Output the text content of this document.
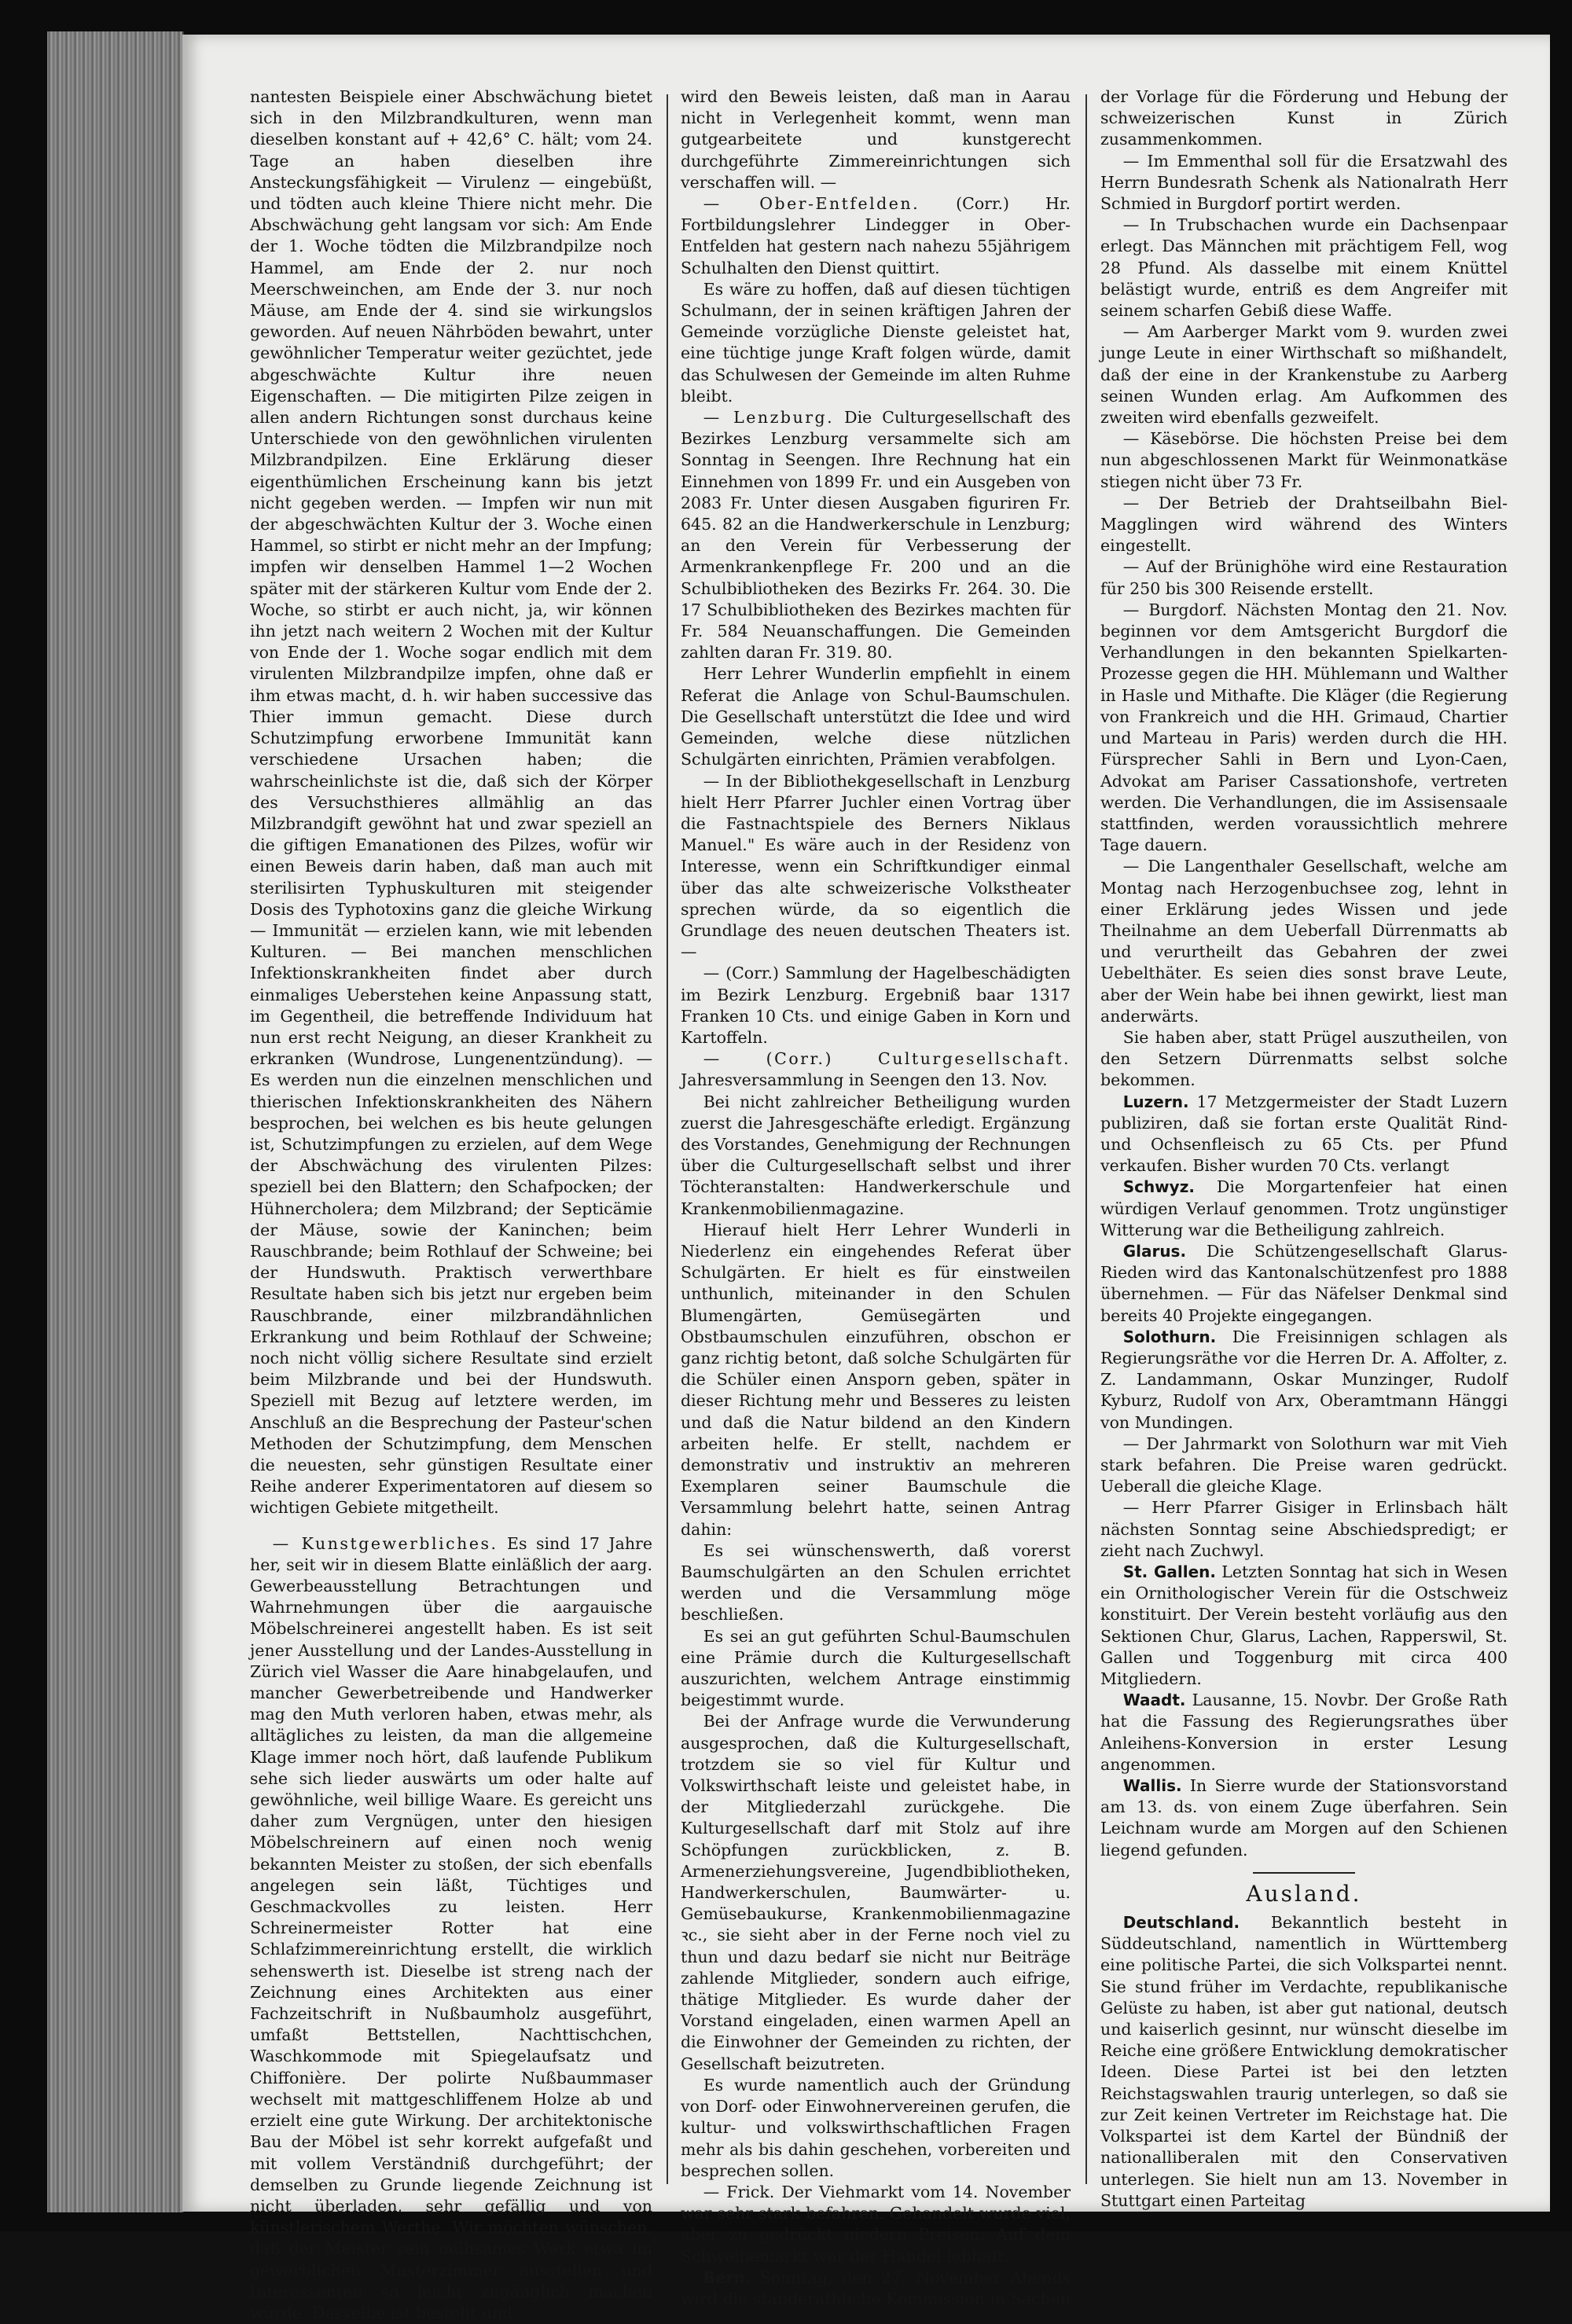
nantesten Beispiele einer Abschwächung bietet sich in den Milzbrandkulturen, wenn man dieselben konstant auf + 42,6° C. hält; vom 24. Tage an haben dieselben ihre Ansteckungsfähigkeit — Virulenz — eingebüßt, und tödten auch kleine Thiere nicht mehr. Die Abschwächung geht langsam vor sich: Am Ende der 1. Woche tödten die Milzbrandpilze noch Hammel, am Ende der 2. nur noch Meerschweinchen, am Ende der 3. nur noch Mäuse, am Ende der 4. sind sie wirkungslos geworden. Auf neuen Nährböden bewahrt, unter gewöhnlicher Temperatur weiter gezüchtet, jede abgeschwächte Kultur ihre neuen Eigenschaften. — Die mitigirten Pilze zeigen in allen andern Richtungen sonst durchaus keine Unterschiede von den gewöhnlichen virulenten Milzbrandpilzen. Eine Erklärung dieser eigenthümlichen Erscheinung kann bis jetzt nicht gegeben werden. — Impfen wir nun mit der abgeschwächten Kultur der 3. Woche einen Hammel, so stirbt er nicht mehr an der Impfung; impfen wir denselben Hammel 1—2 Wochen später mit der stärkeren Kultur vom Ende der 2. Woche, so stirbt er auch nicht, ja, wir können ihn jetzt nach weitern 2 Wochen mit der Kultur von Ende der 1. Woche sogar endlich mit dem virulenten Milzbrandpilze impfen, ohne daß er ihm etwas macht, d. h. wir haben successive das Thier immun gemacht. Diese durch Schutzimpfung erworbene Immunität kann verschiedene Ursachen haben; die wahrscheinlichste ist die, daß sich der Körper des Versuchsthieres allmählig an das Milzbrandgift gewöhnt hat und zwar speziell an die giftigen Emanationen des Pilzes, wofür wir einen Beweis darin haben, daß man auch mit sterilisirten Typhuskulturen mit steigender Dosis des Typhotoxins ganz die gleiche Wirkung — Immunität — erzielen kann, wie mit lebenden Kulturen. — Bei manchen menschlichen Infektionskrankheiten findet aber durch einmaliges Ueberstehen keine Anpassung statt, im Gegentheil, die betreffende Individuum hat nun erst recht Neigung, an dieser Krankheit zu erkranken (Wundrose, Lungenentzündung). — Es werden nun die einzelnen menschlichen und thierischen Infektionskrankheiten des Nähern besprochen, bei welchen es bis heute gelungen ist, Schutzimpfungen zu erzielen, auf dem Wege der Abschwächung des virulenten Pilzes: speziell bei den Blattern; den Schafpocken; der Hühnercholera; dem Milzbrand; der Septicämie der Mäuse, sowie der Kaninchen; beim Rauschbrande; beim Rothlauf der Schweine; bei der Hundswuth. Praktisch verwerthbare Resultate haben sich bis jetzt nur ergeben beim Rauschbrande, einer milzbrandähnlichen Erkrankung und beim Rothlauf der Schweine; noch nicht völlig sichere Resultate sind erzielt beim Milzbrande und bei der Hundswuth. Speziell mit Bezug auf letztere werden, im Anschluß an die Besprechung der Pasteur'schen Methoden der Schutzimpfung, dem Menschen die neuesten, sehr günstigen Resultate einer Reihe anderer Experimentatoren auf diesem so wichtigen Gebiete mitgetheilt.

— Kunstgewerbliches. Es sind 17 Jahre her, seit wir in diesem Blatte einläßlich der aarg. Gewerbeausstellung Betrachtungen und Wahrnehmungen über die aargauische Möbelschreinerei angestellt haben. Es ist seit jener Ausstellung und der Landes-Ausstellung in Zürich viel Wasser die Aare hinabgelaufen, und mancher Gewerbetreibende und Handwerker mag den Muth verloren haben, etwas mehr, als alltägliches zu leisten, da man die allgemeine Klage immer noch hört, daß laufende Publikum sehe sich lieder auswärts um oder halte auf gewöhnliche, weil billige Waare. Es gereicht uns daher zum Vergnügen, unter den hiesigen Möbelschreinern auf einen noch wenig bekannten Meister zu stoßen, der sich ebenfalls angelegen sein läßt, Tüchtiges und Geschmackvolles zu leisten. Herr Schreinermeister Rotter hat eine Schlafzimmereinrichtung erstellt, die wirklich sehenswerth ist. Dieselbe ist streng nach der Zeichnung eines Architekten aus einer Fachzeitschrift in Nußbaumholz ausgeführt, umfaßt Bettstellen, Nachttischchen, Waschkommode mit Spiegelaufsatz und Chiffonière. Der polirte Nußbaummaser wechselt mit mattgeschliffenem Holze ab und erzielt eine gute Wirkung. Der architektonische Bau der Möbel ist sehr korrekt aufgefaßt und mit vollem Verständniß durchgeführt; der demselben zu Grunde liegende Zeichnung ist nicht überladen, sehr gefällig und von künstlerischem Werthe. Wir möchten wünschen, daß der Meister sein mühsames Werk etwa im gewerblichen Musterzimmer ausstellen und Interessenten so leicht zugänglich machen würde. Dasselbe ist bestellt und

wird den Beweis leisten, daß man in Aarau nicht in Verlegenheit kommt, wenn man gutgearbeitete und kunstgerecht durchgeführte Zimmereinrichtungen sich verschaffen will. —

— Ober-Entfelden. (Corr.) Hr. Fortbildungslehrer Lindegger in Ober-Entfelden hat gestern nach nahezu 55jährigem Schulhalten den Dienst quittirt.

Es wäre zu hoffen, daß auf diesen tüchtigen Schulmann, der in seinen kräftigen Jahren der Gemeinde vorzügliche Dienste geleistet hat, eine tüchtige junge Kraft folgen würde, damit das Schulwesen der Gemeinde im alten Ruhme bleibt.

— Lenzburg. Die Culturgesellschaft des Bezirkes Lenzburg versammelte sich am Sonntag in Seengen. Ihre Rechnung hat ein Einnehmen von 1899 Fr. und ein Ausgeben von 2083 Fr. Unter diesen Ausgaben figuriren Fr. 645. 82 an die Handwerkerschule in Lenzburg; an den Verein für Verbesserung der Armenkrankenpflege Fr. 200 und an die Schulbibliotheken des Bezirks Fr. 264. 30. Die 17 Schulbibliotheken des Bezirkes machten für Fr. 584 Neuanschaffungen. Die Gemeinden zahlten daran Fr. 319. 80.

Herr Lehrer Wunderlin empfiehlt in einem Referat die Anlage von Schul-Baumschulen. Die Gesellschaft unterstützt die Idee und wird Gemeinden, welche diese nützlichen Schulgärten einrichten, Prämien verabfolgen.

— In der Bibliothekgesellschaft in Lenzburg hielt Herr Pfarrer Juchler einen Vortrag über die Fastnachtspiele des Berners Niklaus Manuel." Es wäre auch in der Residenz von Interesse, wenn ein Schriftkundiger einmal über das alte schweizerische Volkstheater sprechen würde, da so eigentlich die Grundlage des neuen deutschen Theaters ist. —

— (Corr.) Sammlung der Hagelbeschädigten im Bezirk Lenzburg. Ergebniß baar 1317 Franken 10 Cts. und einige Gaben in Korn und Kartoffeln.

— (Corr.) Culturgesellschaft. Jahresversammlung in Seengen den 13. Nov.

Bei nicht zahlreicher Betheiligung wurden zuerst die Jahresgeschäfte erledigt. Ergänzung des Vorstandes, Genehmigung der Rechnungen über die Culturgesellschaft selbst und ihrer Töchteranstalten: Handwerkerschule und Krankenmobilienmagazine.

Hierauf hielt Herr Lehrer Wunderli in Niederlenz ein eingehendes Referat über Schulgärten. Er hielt es für einstweilen unthunlich, miteinander in den Schulen Blumengärten, Gemüsegärten und Obstbaumschulen einzuführen, obschon er ganz richtig betont, daß solche Schulgärten für die Schüler einen Ansporn geben, später in dieser Richtung mehr und Besseres zu leisten und daß die Natur bildend an den Kindern arbeiten helfe. Er stellt, nachdem er demonstrativ und instruktiv an mehreren Exemplaren seiner Baumschule die Versammlung belehrt hatte, seinen Antrag dahin:

Es sei wünschenswerth, daß vorerst Baumschulgärten an den Schulen errichtet werden und die Versammlung möge beschließen.

Es sei an gut geführten Schul-Baumschulen eine Prämie durch die Kulturgesellschaft auszurichten, welchem Antrage einstimmig beigestimmt wurde.

Bei der Anfrage wurde die Verwunderung ausgesprochen, daß die Kulturgesellschaft, trotzdem sie so viel für Kultur und Volkswirthschaft leiste und geleistet habe, in der Mitgliederzahl zurückgehe. Die Kulturgesellschaft darf mit Stolz auf ihre Schöpfungen zurückblicken, z. B. Armenerziehungsvereine, Jugendbibliotheken, Handwerkerschulen, Baumwärter- u. Gemüsebaukurse, Krankenmobilienmagazine ꝛc., sie sieht aber in der Ferne noch viel zu thun und dazu bedarf sie nicht nur Beiträge zahlende Mitglieder, sondern auch eifrige, thätige Mitglieder. Es wurde daher der Vorstand eingeladen, einen warmen Apell an die Einwohner der Gemeinden zu richten, der Gesellschaft beizutreten.

Es wurde namentlich auch der Gründung von Dorf- oder Einwohnervereinen gerufen, die kultur- und volkswirthschaftlichen Fragen mehr als bis dahin geschehen, vorbereiten und besprechen sollen.

— Frick. Der Viehmarkt vom 14. November war sehr stark befahren. Gehandelt wurde viel, aber zu gedrückt niedern Preisen. Auf dem Schweinemarkt war der Handel lebhaft.

Bern. Sonntag, den 27. November Abends wird die ständeräthliche Kommission in Sachen

der Vorlage für die Förderung und Hebung der schweizerischen Kunst in Zürich zusammenkommen.

— Im Emmenthal soll für die Ersatzwahl des Herrn Bundesrath Schenk als Nationalrath Herr Schmied in Burgdorf portirt werden.

— In Trubschachen wurde ein Dachsenpaar erlegt. Das Männchen mit prächtigem Fell, wog 28 Pfund. Als dasselbe mit einem Knüttel belästigt wurde, entriß es dem Angreifer mit seinem scharfen Gebiß diese Waffe.

— Am Aarberger Markt vom 9. wurden zwei junge Leute in einer Wirthschaft so mißhandelt, daß der eine in der Krankenstube zu Aarberg seinen Wunden erlag. Am Aufkommen des zweiten wird ebenfalls gezweifelt.

— Käsebörse. Die höchsten Preise bei dem nun abgeschlossenen Markt für Weinmonatkäse stiegen nicht über 73 Fr.

— Der Betrieb der Drahtseilbahn Biel-Magglingen wird während des Winters eingestellt.

— Auf der Brünighöhe wird eine Restauration für 250 bis 300 Reisende erstellt.

— Burgdorf. Nächsten Montag den 21. Nov. beginnen vor dem Amtsgericht Burgdorf die Verhandlungen in den bekannten Spielkarten-Prozesse gegen die HH. Mühlemann und Walther in Hasle und Mithafte. Die Kläger (die Regierung von Frankreich und die HH. Grimaud, Chartier und Marteau in Paris) werden durch die HH. Fürsprecher Sahli in Bern und Lyon-Caen, Advokat am Pariser Cassationshofe, vertreten werden. Die Verhandlungen, die im Assisensaale stattfinden, werden voraussichtlich mehrere Tage dauern.

— Die Langenthaler Gesellschaft, welche am Montag nach Herzogenbuchsee zog, lehnt in einer Erklärung jedes Wissen und jede Theilnahme an dem Ueberfall Dürrenmatts ab und verurtheilt das Gebahren der zwei Uebelthäter. Es seien dies sonst brave Leute, aber der Wein habe bei ihnen gewirkt, liest man anderwärts.

Sie haben aber, statt Prügel auszutheilen, von den Setzern Dürrenmatts selbst solche bekommen.

Luzern. 17 Metzgermeister der Stadt Luzern publiziren, daß sie fortan erste Qualität Rind- und Ochsenfleisch zu 65 Cts. per Pfund verkaufen. Bisher wurden 70 Cts. verlangt

Schwyz. Die Morgartenfeier hat einen würdigen Verlauf genommen. Trotz ungünstiger Witterung war die Betheiligung zahlreich.

Glarus. Die Schützengesellschaft Glarus-Rieden wird das Kantonalschützenfest pro 1888 übernehmen. — Für das Näfelser Denkmal sind bereits 40 Projekte eingegangen.

Solothurn. Die Freisinnigen schlagen als Regierungsräthe vor die Herren Dr. A. Affolter, z. Z. Landammann, Oskar Munzinger, Rudolf Kyburz, Rudolf von Arx, Oberamtmann Hänggi von Mundingen.

— Der Jahrmarkt von Solothurn war mit Vieh stark befahren. Die Preise waren gedrückt. Ueberall die gleiche Klage.

— Herr Pfarrer Gisiger in Erlinsbach hält nächsten Sonntag seine Abschiedspredigt; er zieht nach Zuchwyl.

St. Gallen. Letzten Sonntag hat sich in Wesen ein Ornithologischer Verein für die Ostschweiz konstituirt. Der Verein besteht vorläufig aus den Sektionen Chur, Glarus, Lachen, Rapperswil, St. Gallen und Toggenburg mit circa 400 Mitgliedern.

Waadt. Lausanne, 15. Novbr. Der Große Rath hat die Fassung des Regierungsrathes über Anleihens-Konversion in erster Lesung angenommen.

Wallis. In Sierre wurde der Stationsvorstand am 13. ds. von einem Zuge überfahren. Sein Leichnam wurde am Morgen auf den Schienen liegend gefunden.

Ausland.

Deutschland. Bekanntlich besteht in Süddeutschland, namentlich in Württemberg eine politische Partei, die sich Volkspartei nennt. Sie stund früher im Verdachte, republikanische Gelüste zu haben, ist aber gut national, deutsch und kaiserlich gesinnt, nur wünscht dieselbe im Reiche eine größere Entwicklung demokratischer Ideen. Diese Partei ist bei den letzten Reichstagswahlen traurig unterlegen, so daß sie zur Zeit keinen Vertreter im Reichstage hat. Die Volkspartei ist dem Kartel der Bündniß der nationalliberalen mit den Conservativen unterlegen. Sie hielt nun am 13. November in Stuttgart einen Parteitag
